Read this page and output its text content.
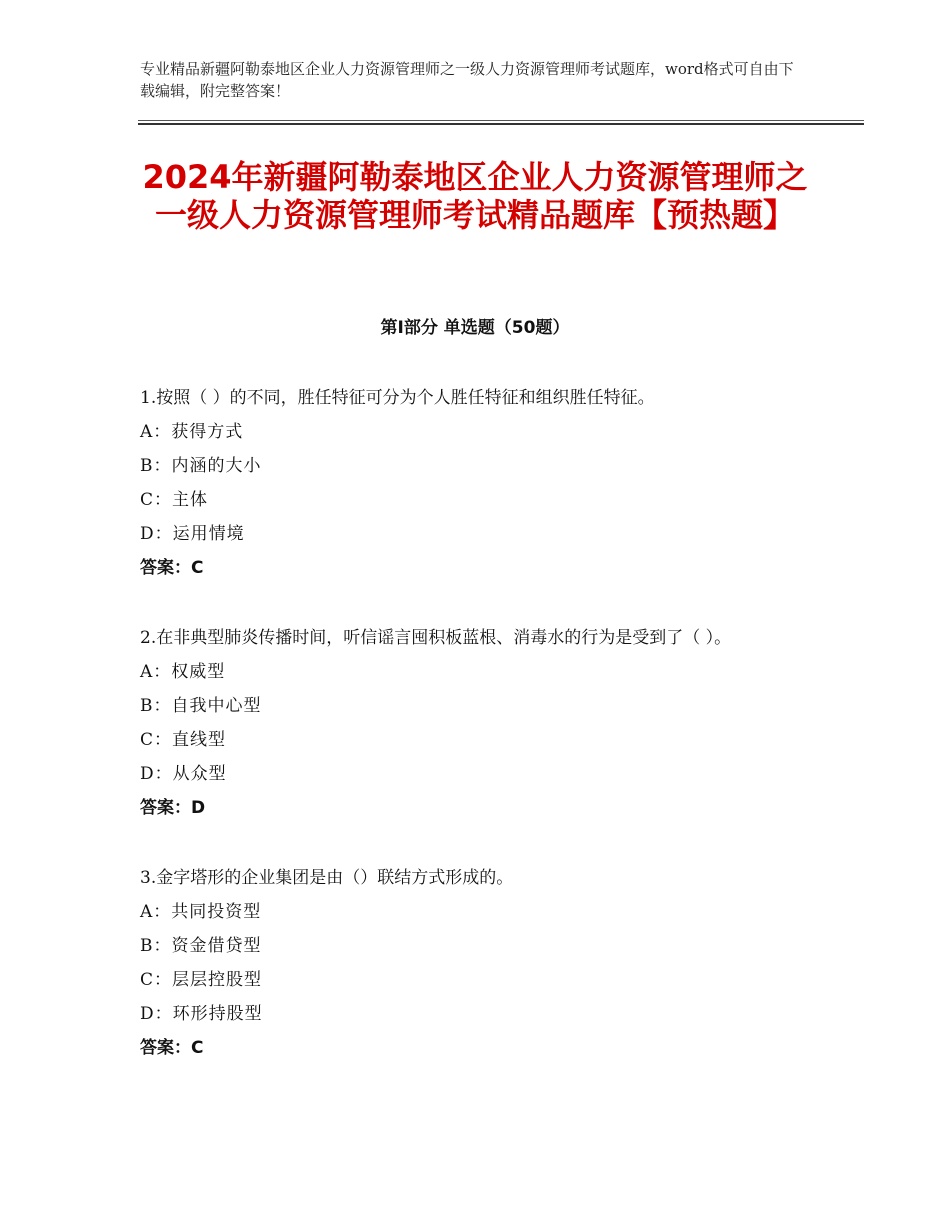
专业精品新疆阿勒泰地区企业人力资源管理师之一级人力资源管理师考试题库，word格式可自由下载编辑，附完整答案！
2024年新疆阿勒泰地区企业人力资源管理师之一级人力资源管理师考试精品题库【预热题】
第Ⅰ部分 单选题（50题）

1.按照（ ）的不同，胜任特征可分为个人胜任特征和组织胜任特征。

A：获得方式

B：内涵的大小

C：主体

D：运用情境

答案：C

2.在非典型肺炎传播时间，听信谣言囤积板蓝根、消毒水的行为是受到了（ ）。

A：权威型

B：自我中心型

C：直线型

D：从众型

答案：D

3.金字塔形的企业集团是由（）联结方式形成的。

A：共同投资型

B：资金借贷型

C：层层控股型

D：环形持股型

答案：C
